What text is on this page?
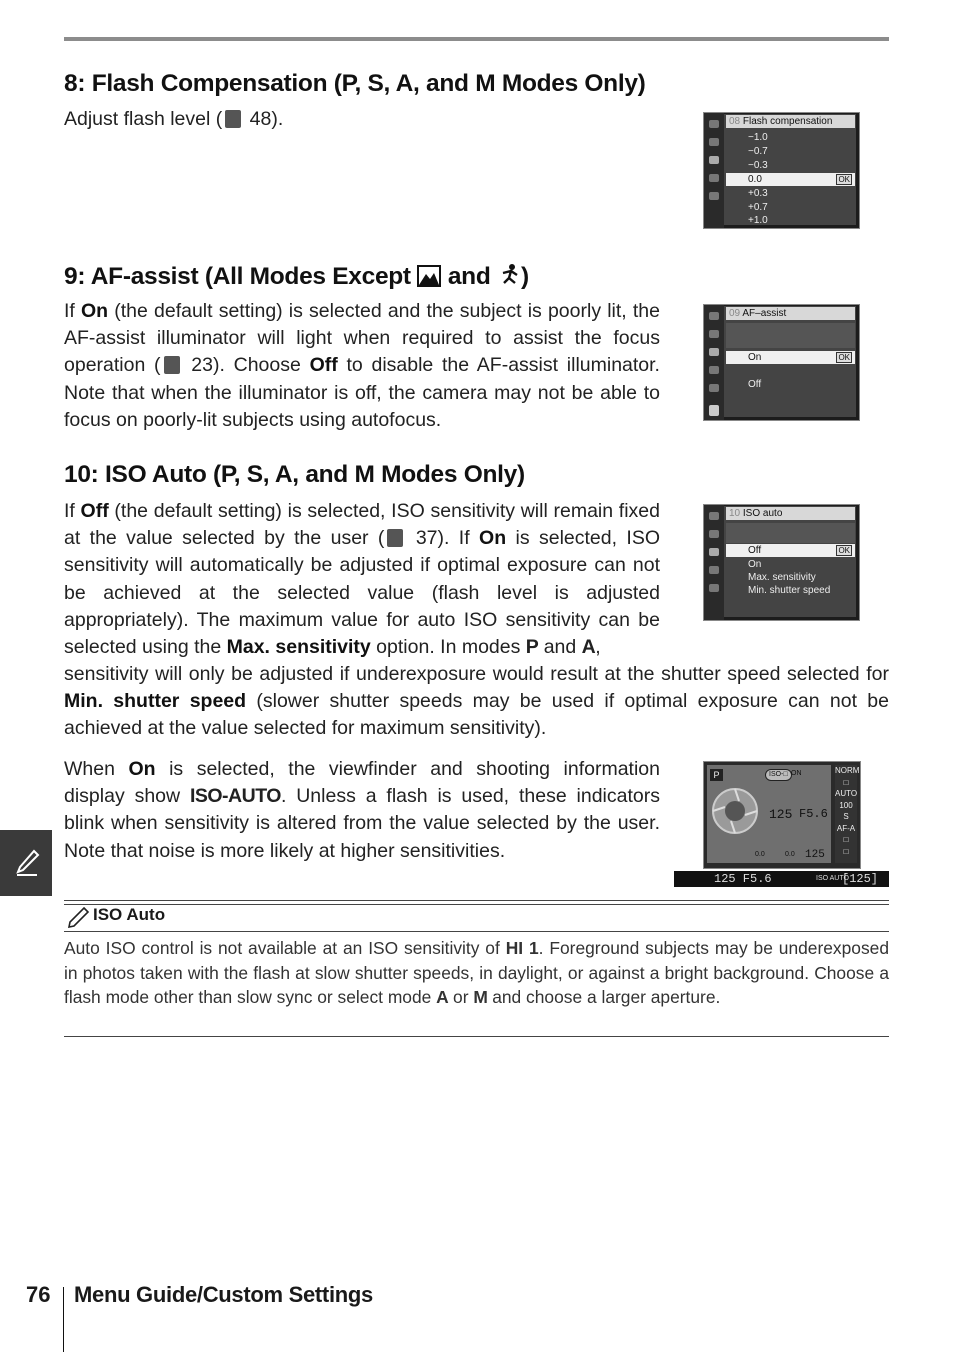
8: Flash Compensation (P, S, A, and M Modes Only)
Adjust flash level ( 48).	08 Flash compensation
−1.0
−0.7
−0.3
0.0	OK
+0.3
+0.7
+1.0
9: AF-assist (All Modes Except and )
If On (the default setting) is selected and the subject is poorly lit, the AF-assist illuminator will light when required to assist the focus operation ( 23). Choose Off to disable the AF-assist illuminator. Note that when the illuminator is off, the camera may not be able to focus on poorly-lit subjects using autofocus.
09 AF–assist
On	OK
Off
10: ISO Auto (P, S, A, and M Modes Only)
If Off (the default setting) is selected, ISO sensitivity will remain fixed at the value selected by the user ( 37). If On is selected, ISO sensitivity will automatically be adjusted if optimal exposure can not be achieved at the selected value (flash level is adjusted appropriately). The maximum value for auto ISO sensitivity can be selected using the Max. sensitivity option. In modes P and A,
sensitivity will only be adjusted if underexposure would result at the shutter speed selected for Min. shutter speed (slower shutter speeds may be used if optimal exposure can not be achieved at the value selected for maximum sensitivity).
10 ISO auto
Off	OK
On
Max. sensitivity
Min. shutter speed
When On is selected, the viewfinder and shooting information display show ISO-AUTO. Unless a flash is used, these indicators blink when sensitivity is altered from the value selected by the user. Note that noise is more likely at higher sensitivities.
P	ISO-□ ON
125 F5.6
0.0	0.0 125
NORM
□
AUTO
100
S
AF-A
□
□
125 F5.6	ISO AUTO
[125]
ISO Auto
Auto ISO control is not available at an ISO sensitivity of HI 1. Foreground subjects may be underexposed in photos taken with the flash at slow shutter speeds, in daylight, or against a bright background. Choose a flash mode other than slow sync or select mode A or M and choose a larger aperture.
76 Menu Guide/Custom Settings
